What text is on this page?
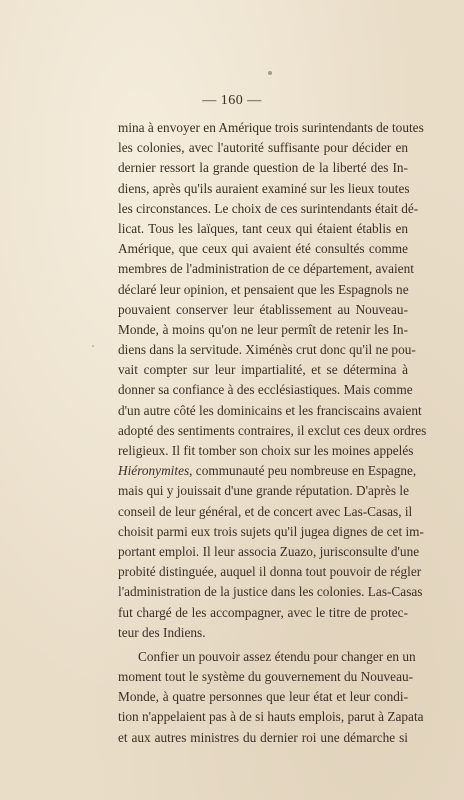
— 160 —
mina à envoyer en Amérique trois surintendants de toutes
les colonies, avec l'autorité suffisante pour décider en
dernier ressort la grande question de la liberté des In-
diens, après qu'ils auraient examiné sur les lieux toutes
les circonstances. Le choix de ces surintendants était dé-
licat. Tous les laïques, tant ceux qui étaient établis en
Amérique, que ceux qui avaient été consultés comme
membres de l'administration de ce département, avaient
déclaré leur opinion, et pensaient que les Espagnols ne
pouvaient conserver leur établissement au Nouveau-
Monde, à moins qu'on ne leur permît de retenir les In-
diens dans la servitude. Ximénès crut donc qu'il ne pou-
vait compter sur leur impartialité, et se détermina à
donner sa confiance à des ecclésiastiques. Mais comme
d'un autre côté les dominicains et les franciscains avaient
adopté des sentiments contraires, il exclut ces deux ordres
religieux. Il fit tomber son choix sur les moines appelés
Hiéronymites, communauté peu nombreuse en Espagne,
mais qui y jouissait d'une grande réputation. D'après le
conseil de leur général, et de concert avec Las-Casas, il
choisit parmi eux trois sujets qu'il jugea dignes de cet im-
portant emploi. Il leur associa Zuazo, jurisconsulte d'une
probité distinguée, auquel il donna tout pouvoir de régler
l'administration de la justice dans les colonies. Las-Casas
fut chargé de les accompagner, avec le titre de protec-
teur des Indiens.
Confier un pouvoir assez étendu pour changer en un
moment tout le système du gouvernement du Nouveau-
Monde, à quatre personnes que leur état et leur condi-
tion n'appelaient pas à de si hauts emplois, parut à Zapata
et aux autres ministres du dernier roi une démarche si
